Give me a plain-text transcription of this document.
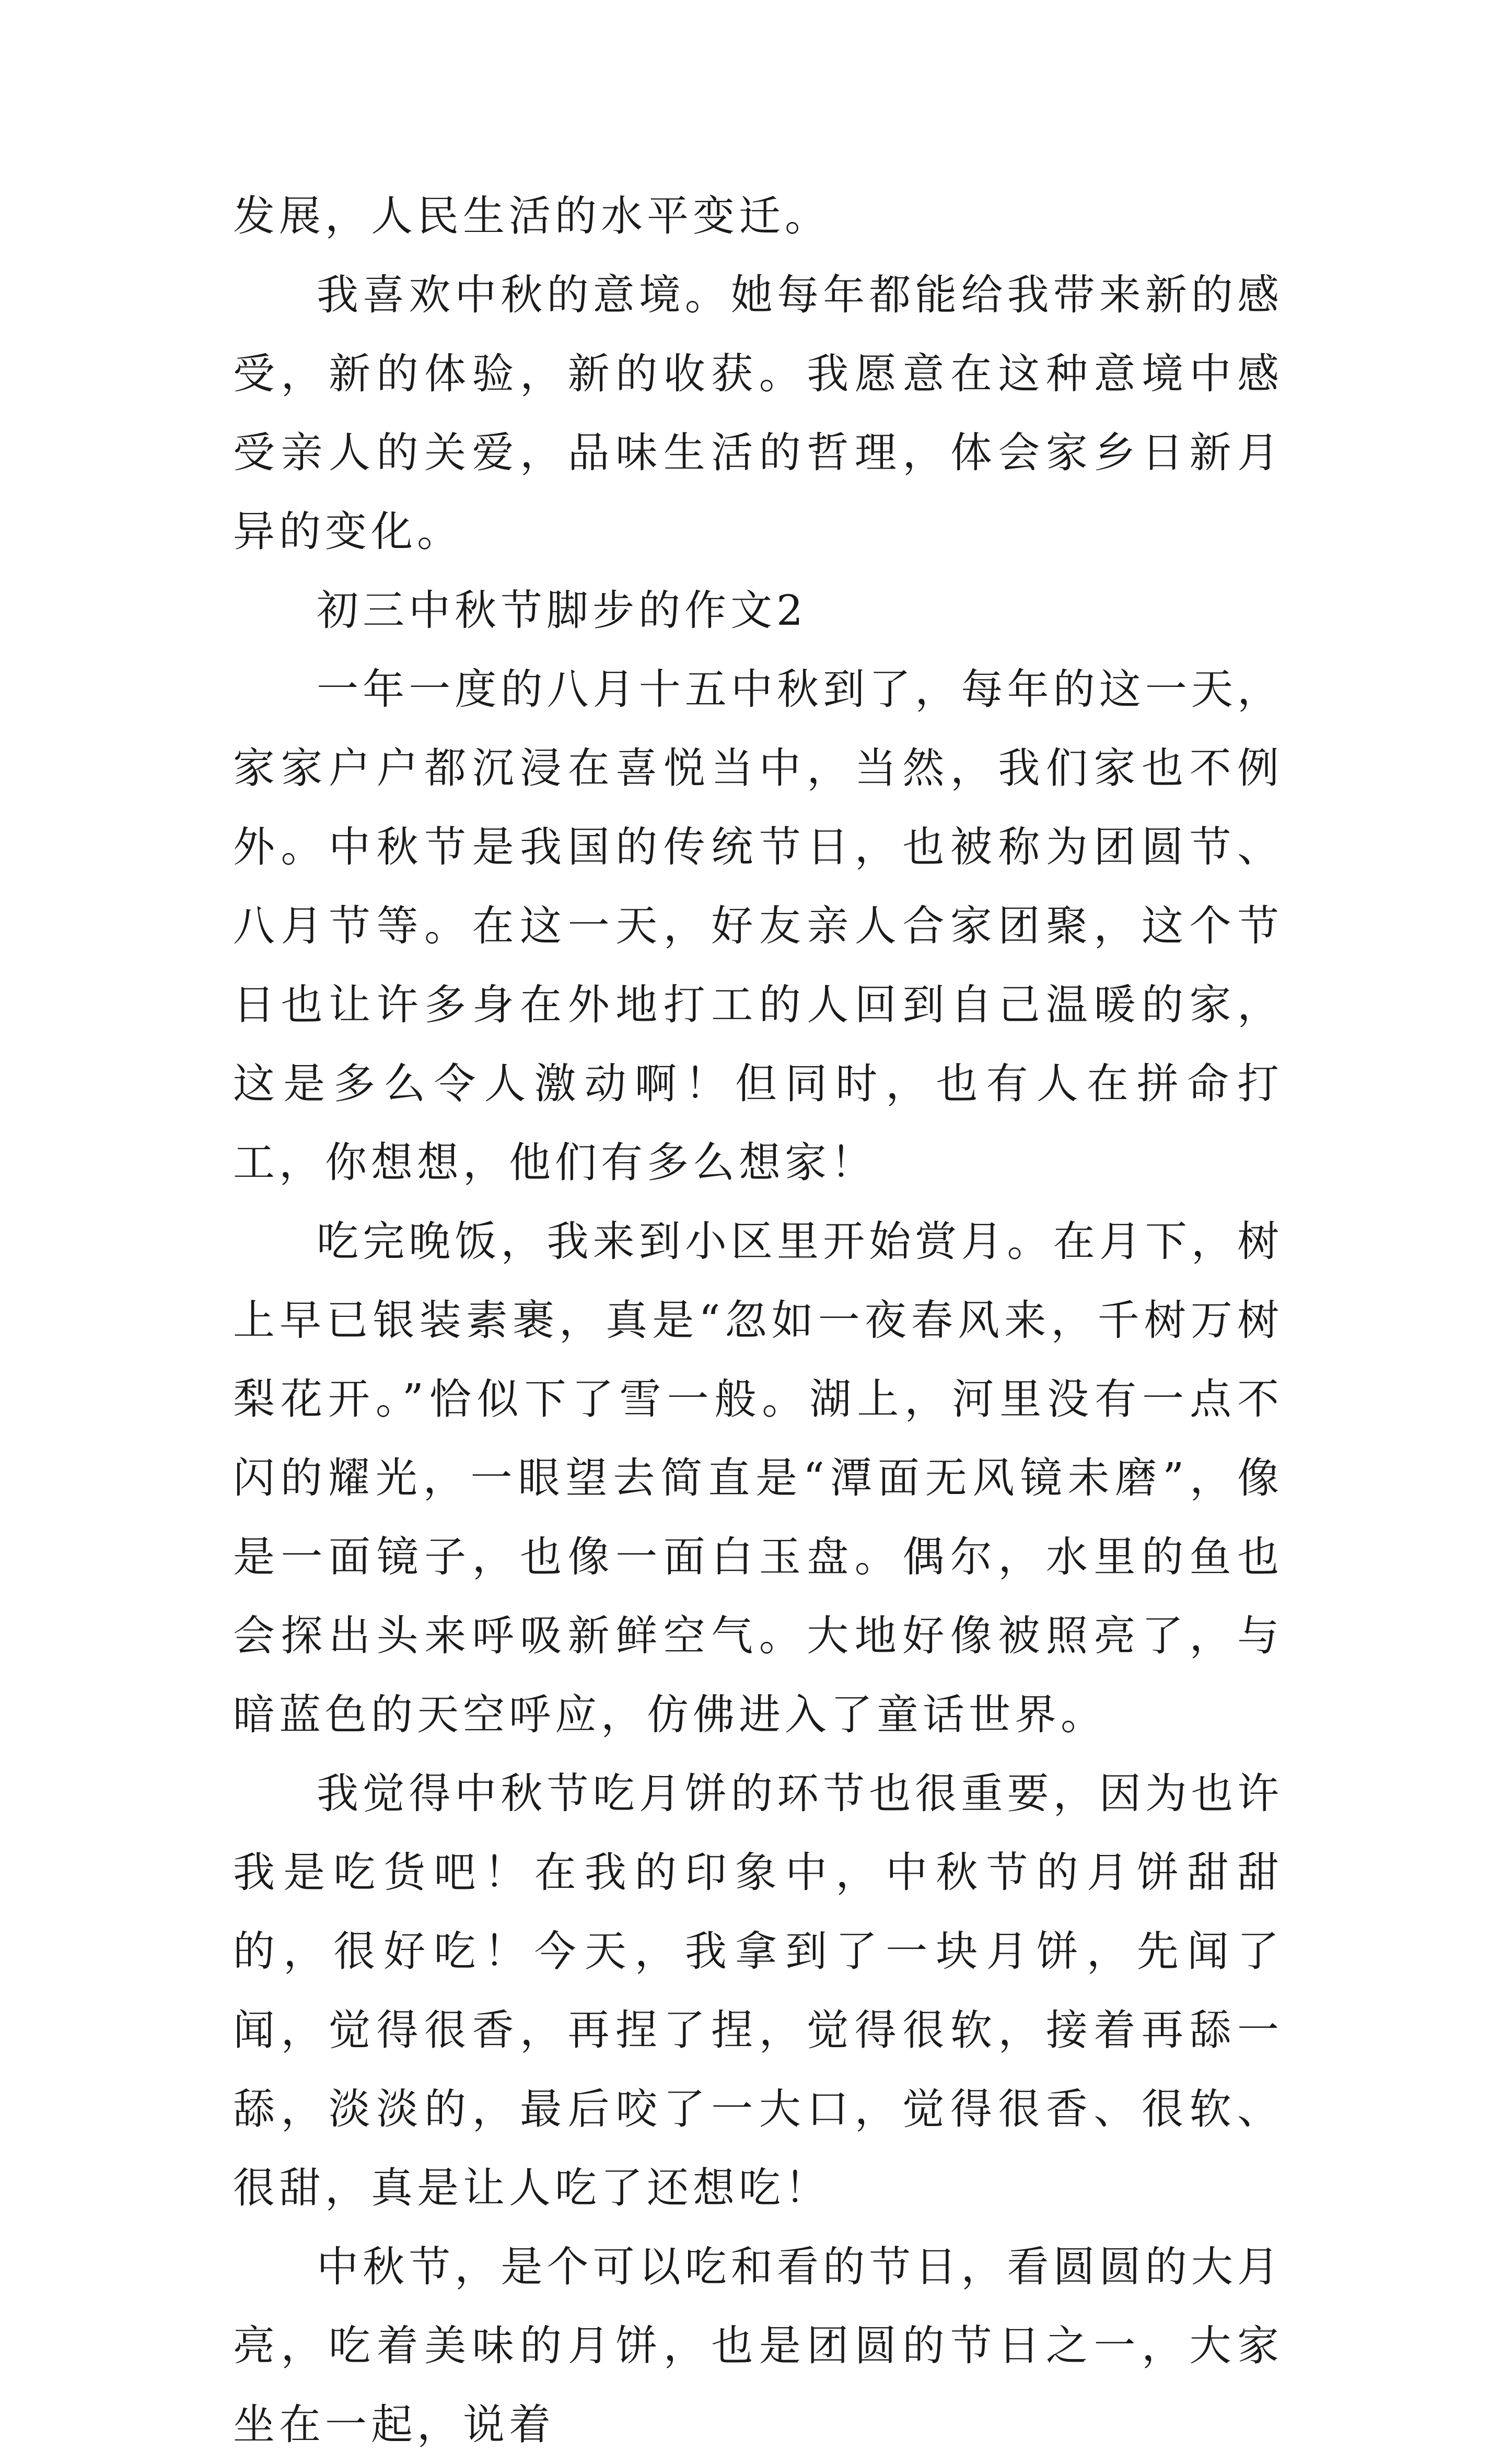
发展，人民生活的水平变迁。

我喜欢中秋的意境。她每年都能给我带来新的感受，新的体验，新的收获。我愿意在这种意境中感受亲人的关爱，品味生活的哲理，体会家乡日新月异的变化。

初三中秋节脚步的作文2

一年一度的八月十五中秋到了，每年的这一天，家家户户都沉浸在喜悦当中，当然，我们家也不例外。中秋节是我国的传统节日，也被称为团圆节、八月节等。在这一天，好友亲人合家团聚，这个节日也让许多身在外地打工的人回到自己温暖的家，这是多么令人激动啊！但同时，也有人在拼命打工，你想想，他们有多么想家！

吃完晚饭，我来到小区里开始赏月。在月下，树上早已银装素裹，真是“忽如一夜春风来，千树万树梨花开。”恰似下了雪一般。湖上，河里没有一点不闪的耀光，一眼望去简直是“潭面无风镜未磨”，像是一面镜子，也像一面白玉盘。偶尔，水里的鱼也会探出头来呼吸新鲜空气。大地好像被照亮了，与暗蓝色的天空呼应，仿佛进入了童话世界。

我觉得中秋节吃月饼的环节也很重要，因为也许我是吃货吧！在我的印象中，中秋节的月饼甜甜的，很好吃！今天，我拿到了一块月饼，先闻了闻，觉得很香，再捏了捏，觉得很软，接着再舔一舔，淡淡的，最后咬了一大口，觉得很香、很软、很甜，真是让人吃了还想吃！

中秋节，是个可以吃和看的节日，看圆圆的大月亮，吃着美味的月饼，也是团圆的节日之一，大家坐在一起，说着
